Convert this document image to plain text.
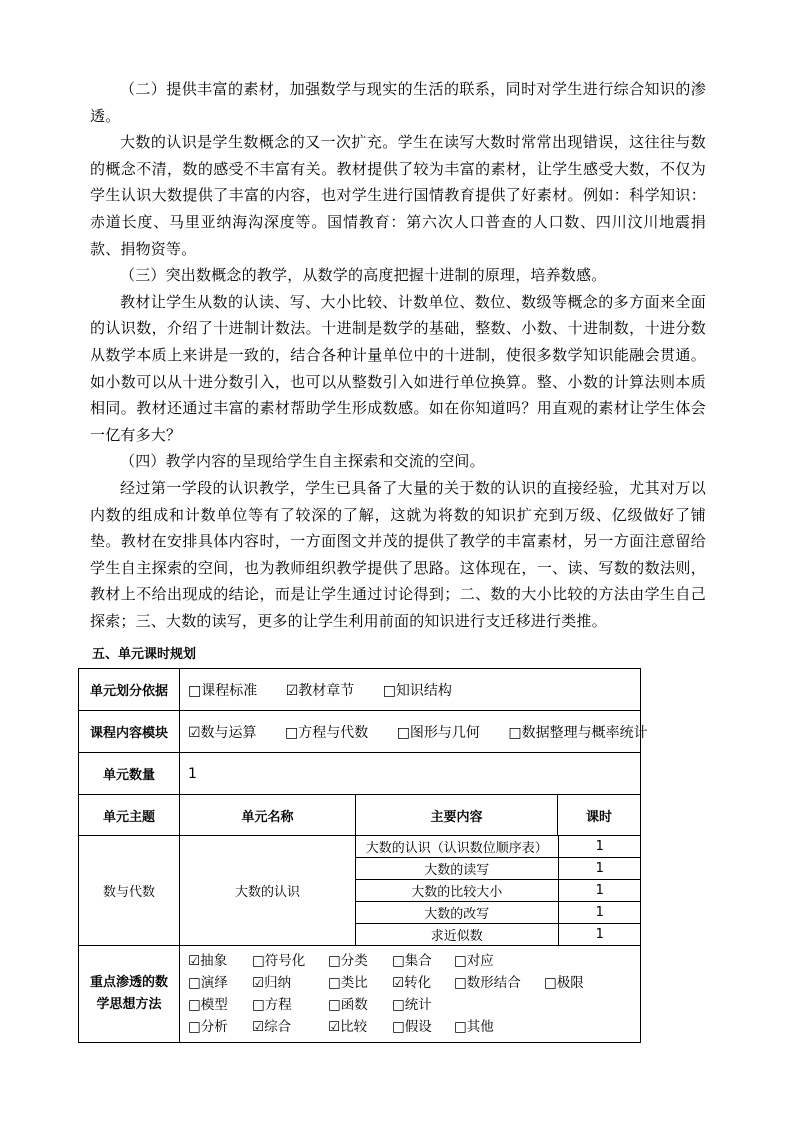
（二）提供丰富的素材，加强数学与现实的生活的联系，同时对学生进行综合知识的渗透。

大数的认识是学生数概念的又一次扩充。学生在读写大数时常常出现错误，这往往与数的概念不清，数的感受不丰富有关。教材提供了较为丰富的素材，让学生感受大数，不仅为学生认识大数提供了丰富的内容，也对学生进行国情教育提供了好素材。例如：科学知识：赤道长度、马里亚纳海沟深度等。国情教育：第六次人口普查的人口数、四川汶川地震捐款、捐物资等。

（三）突出数概念的教学，从数学的高度把握十进制的原理，培养数感。

教材让学生从数的认读、写、大小比较、计数单位、数位、数级等概念的多方面来全面的认识数，介绍了十进制计数法。十进制是数学的基础，整数、小数、十进制数，十进分数从数学本质上来讲是一致的，结合各种计量单位中的十进制，使很多数学知识能融会贯通。如小数可以从十进分数引入，也可以从整数引入如进行单位换算。整、小数的计算法则本质相同。教材还通过丰富的素材帮助学生形成数感。如在你知道吗？用直观的素材让学生体会一亿有多大？

（四）教学内容的呈现给学生自主探索和交流的空间。

经过第一学段的认识教学，学生已具备了大量的关于数的认识的直接经验，尤其对万以内数的组成和计数单位等有了较深的了解，这就为将数的知识扩充到万级、亿级做好了铺垫。教材在安排具体内容时，一方面图文并茂的提供了教学的丰富素材，另一方面注意留给学生自主探索的空间，也为教师组织教学提供了思路。这体现在，一、读、写数的数法则，教材上不给出现成的结论，而是让学生通过讨论得到；二、数的大小比较的方法由学生自己探索；三、大数的读写，更多的让学生利用前面的知识进行支迁移进行类推。

五、单元课时规划
单元划分依据	□课程标准 ☑教材章节 □知识结构
课程内容模块	☑数与运算 □方程与代数 □图形与几何 □数据整理与概率统计
单元数量	1
单元主题	单元名称	主要内容	课时
数与代数	大数的认识	
大数的认识（认识数位顺序表）	1
大数的读写	1
大数的比较大小	1
大数的改写	1
求近似数	1

重点渗透的数
学思想方法

☑抽象 □符号化 □分类 □集合 □对应
□演绎 ☑归纳	□类比 ☑转化 □数形结合 □极限
□模型 □方程	□函数 □统计
□分析 ☑综合	☑比较 □假设 □其他
